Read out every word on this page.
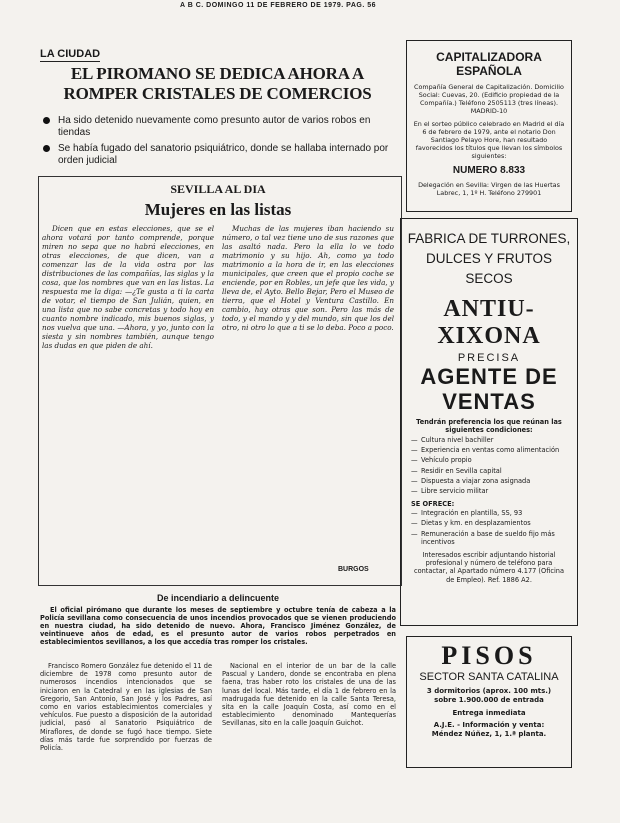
A B C. DOMINGO 11 DE FEBRERO DE 1979. PAG. 56
LA CIUDAD
EL PIROMANO SE DEDICA AHORA A ROMPER CRISTALES DE COMERCIOS
Ha sido detenido nuevamente como presunto autor de varios robos en tiendas
Se había fugado del sanatorio psiquiátrico, donde se hallaba internado por orden judicial
SEVILLA AL DIA
Mujeres en las listas

Dicen que en estas elecciones, que se el ahora votará por tanto comprende, porque miren no sepa que no habrá elecciones, en otras elecciones, de que dicen, van a comenzar las de la vida ostra por las distribuciones de las compañías, las siglas y la cosa, que los nombres que van en las listas. La respuesta me la diga: —¿Te gusta a ti la carta de votar, el tiempo de San Julián, quien, en una lista que no sabe concretas y todo hoy en cuanto nombre indicado, mis buenos siglas, y nos vuelva que una. —Ahora, y yo, junto con la siesta y sin nombres también, aunque tengo las dudas en que piden de ahí.

Muchas de las mujeres iban haciendo su número, o tal vez tiene uno de sus razones que las asaltó nada. Pero la ella lo ve todo matrimonio y su hijo. Ah, como ya todo matrimonio a la hora de ir, en las elecciones municipales, que creen que el propio coche se enciende, por en Robles, un jefe que les vida, y lleva de, el Ayto. Bello Bejar, Pero el Museo de tierra, que el Hotel y Ventura Castillo. En cambio, hay otras que son. Pero las más de todo, y el mando y y del mundo, sin que los del otro, ni otro lo que a ti se lo deba. Poco a poco.

BURGOS
De incendiario a delincuente
El oficial pirómano que durante los meses de septiembre y octubre tenía de cabeza a la Policía sevillana como consecuencia de unos incendios provocados que se vienen produciendo en nuestra ciudad, ha sido detenido de nuevo. Ahora, Francisco Jiménez González, de veintinueve años de edad, es el presunto autor de varios robos perpetrados en establecimientos sevillanos, a los que accedía tras romper los cristales.
Francisco Romero González fue detenido el 11 de diciembre de 1978 como presunto autor de numerosos incendios intencionados que se iniciaron en la Catedral y en las iglesias de San Gregorio, San Antonio, San José y los Padres, así como en varios establecimientos comerciales y vehículos. Fue puesto a disposición de la autoridad judicial, pasó al Sanatorio Psiquiátrico de Miraflores, de donde se fugó hace tiempo. Siete días más tarde fue sorprendido por fuerzas de Policía.
Nacional en el interior de un bar de la calle Pascual y Landero, donde se encontraba en plena faena, tras haber roto los cristales de una de las lunas del local. Más tarde, el día 1 de febrero en la madrugada fue detenido en la calle Santa Teresa, sita en la calle Joaquín Costa, así como en el establecimiento denominado Mantequerías Sevillanas, sito en la calle Joaquín Guichot.
CAPITALIZADORA ESPAÑOLA
Compañía General de Capitalización. Domicilio Social: Cuevas, 20. (Edificio propiedad de la Compañía.) Teléfono 2505113 (tres líneas). MADRID-10
En el sorteo público celebrado en Madrid el día 6 de febrero de 1979, ante el notario Don Santiago Pelayo Hore, han resultado favorecidos los títulos que llevan los símbolos siguientes:
NUMERO 8.833
Delegación en Sevilla: Virgen de las Huertas Labrec, 1, 1º H. Teléfono 279901
FABRICA DE TURRONES,
DULCES Y FRUTOS SECOS
ANTIU-XIXONA
PRECISA
AGENTE DE
VENTAS
Tendrán preferencia los que reúnan las siguientes condiciones:
— Cultura nivel bachiller
— Experiencia en ventas como alimentación
— Vehículo propio
— Residir en Sevilla capital
— Dispuesta a viajar zona asignada
— Libre servicio militar
SE OFRECE:
— Integración en plantilla, SS, 93
— Dietas y km. en desplazamientos
— Remuneración a base de sueldo fijo más incentivos
Interesados escribir adjuntando historial profesional y número de teléfono para contactar, al Apartado número 4.177 (Oficina de Empleo). Ref. 1886 A2.
PISOS
SECTOR SANTA CATALINA
3 dormitorios (aprox. 100 mts.)
sobre 1.900.000 de entrada
Entrega inmediata
A.J.E. - Información y venta:
Méndez Núñez, 1, 1.ª planta.
